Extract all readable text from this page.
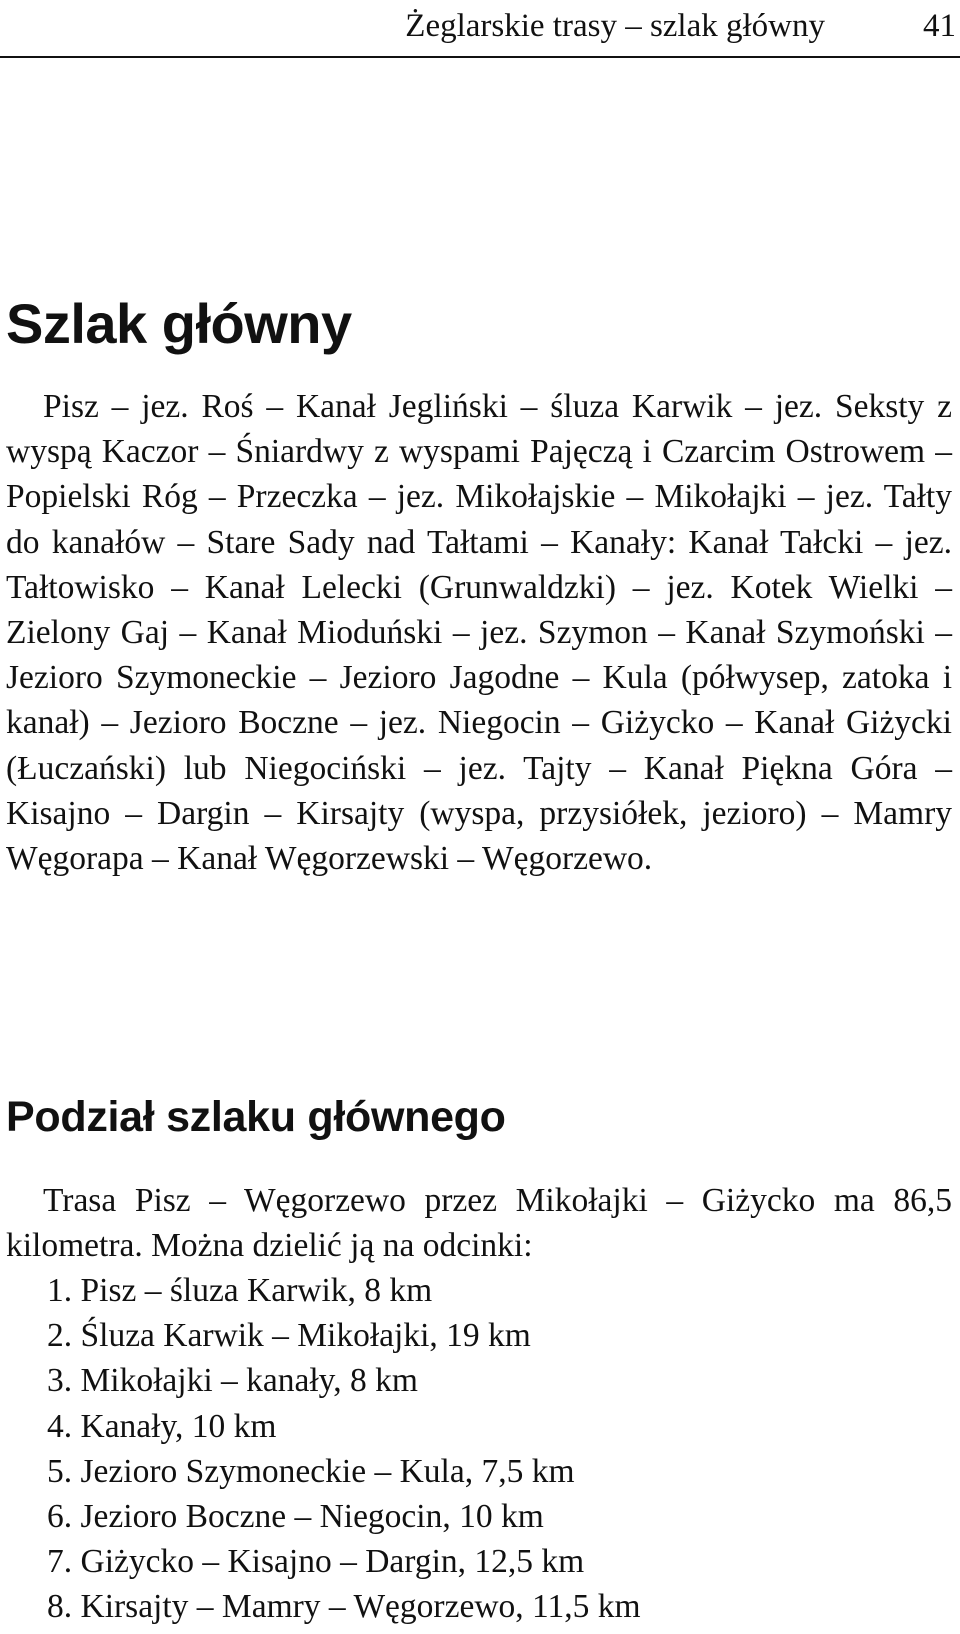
Żeglarskie trasy – szlak główny	41
Szlak główny

Pisz – jez. Roś – Kanał Jegliński – śluza Karwik – jez. Seksty z wyspą Kaczor – Śniardwy z wyspami Pajęczą i Czarcim Ostrowem – Popielski Róg – Przeczka – jez. Mikołajskie – Mikołajki – jez. Tałty do kanałów – Stare Sady nad Tałtami – Kanały: Kanał Tałcki – jez. Tałtowisko – Kanał Lelecki (Grunwaldzki) – jez. Kotek Wielki – Zielony Gaj – Kanał Mioduński – jez. Szymon – Kanał Szymoński – Jezioro Szymoneckie – Jezioro Jagodne – Kula (półwysep, zatoka i kanał) – Jezioro Boczne – jez. Niegocin – Giżycko – Kanał Giżycki (Łuczański) lub Niegociński – jez. Tajty – Kanał Piękna Góra – Kisajno – Dargin – Kirsajty (wyspa, przysiółek, jezioro) – Mamry Węgorapa – Kanał Węgorzewski – Węgorzewo.

Podział szlaku głównego

Trasa Pisz – Węgorzewo przez Mikołajki – Giżycko ma 86,5 kilometra. Można dzielić ją na odcinki:

1. Pisz – śluza Karwik, 8 km
2. Śluza Karwik – Mikołajki, 19 km
3. Mikołajki – kanały, 8 km
4. Kanały, 10 km
5. Jezioro Szymoneckie – Kula, 7,5 km
6. Jezioro Boczne – Niegocin, 10 km
7. Giżycko – Kisajno – Dargin, 12,5 km
8. Kirsajty – Mamry – Węgorzewo, 11,5 km
